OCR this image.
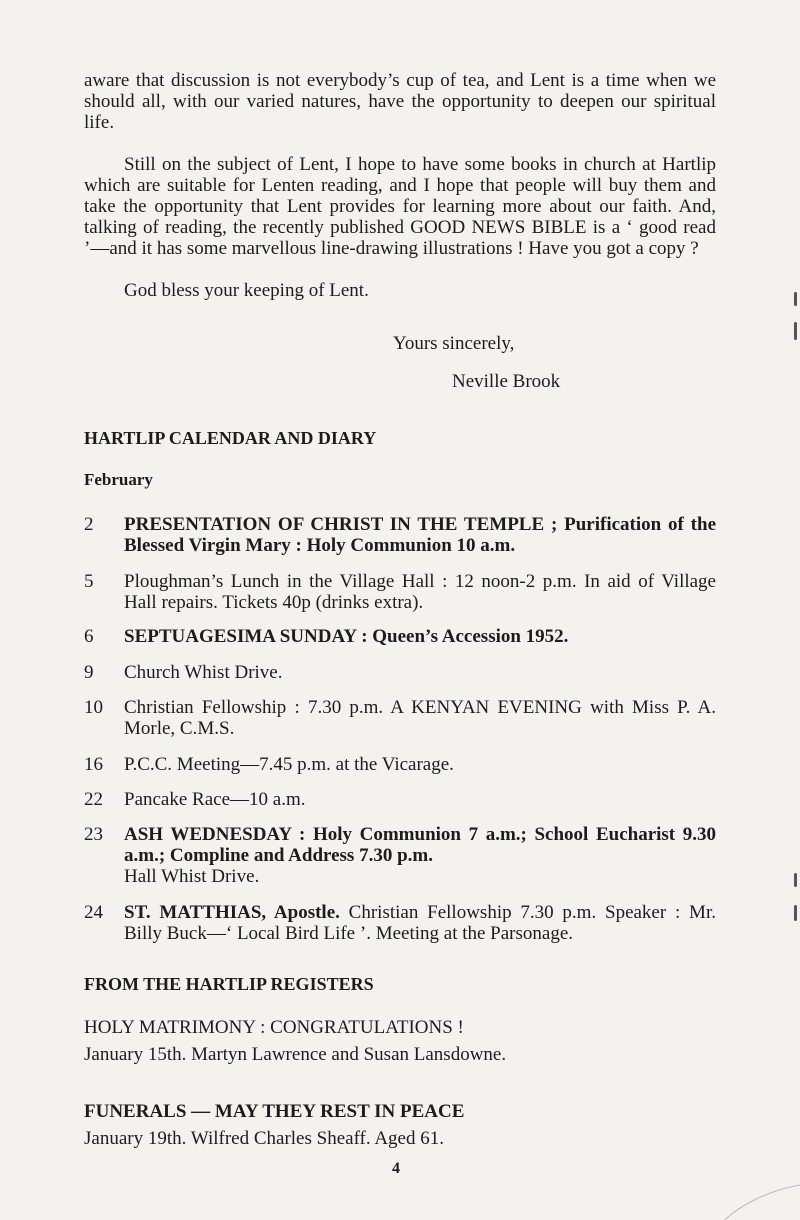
aware that discussion is not everybody’s cup of tea, and Lent is a time when we should all, with our varied natures, have the opportunity to deepen our spiritual life.

Still on the subject of Lent, I hope to have some books in church at Hartlip which are suitable for Lenten reading, and I hope that people will buy them and take the opportunity that Lent provides for learning more about our faith. And, talking of reading, the recently published GOOD NEWS BIBLE is a ‘ good read ’—and it has some marvellous line-drawing illustrations ! Have you got a copy ?

God bless your keeping of Lent.

Yours sincerely,
Neville Brook
HARTLIP CALENDAR AND DIARY
February
2	PRESENTATION OF CHRIST IN THE TEMPLE ; Purification of the Blessed Virgin Mary : Holy Communion 10 a.m.
5	Ploughman’s Lunch in the Village Hall : 12 noon-2 p.m. In aid of Village Hall repairs. Tickets 40p (drinks extra).
6	SEPTUAGESIMA SUNDAY : Queen’s Accession 1952.
9	Church Whist Drive.
10	Christian Fellowship : 7.30 p.m. A KENYAN EVENING with Miss P. A. Morle, C.M.S.
16	P.C.C. Meeting—7.45 p.m. at the Vicarage.
22	Pancake Race—10 a.m.
23	ASH WEDNESDAY : Holy Communion 7 a.m.; School Eucharist 9.30 a.m.; Compline and Address 7.30 p.m.
Hall Whist Drive.
24	ST. MATTHIAS, Apostle. Christian Fellowship 7.30 p.m. Speaker : Mr. Billy Buck—‘ Local Bird Life ’. Meeting at the Parsonage.
FROM THE HARTLIP REGISTERS
HOLY MATRIMONY : CONGRATULATIONS !
January 15th. Martyn Lawrence and Susan Lansdowne.
FUNERALS — MAY THEY REST IN PEACE
January 19th. Wilfred Charles Sheaff. Aged 61.
4
